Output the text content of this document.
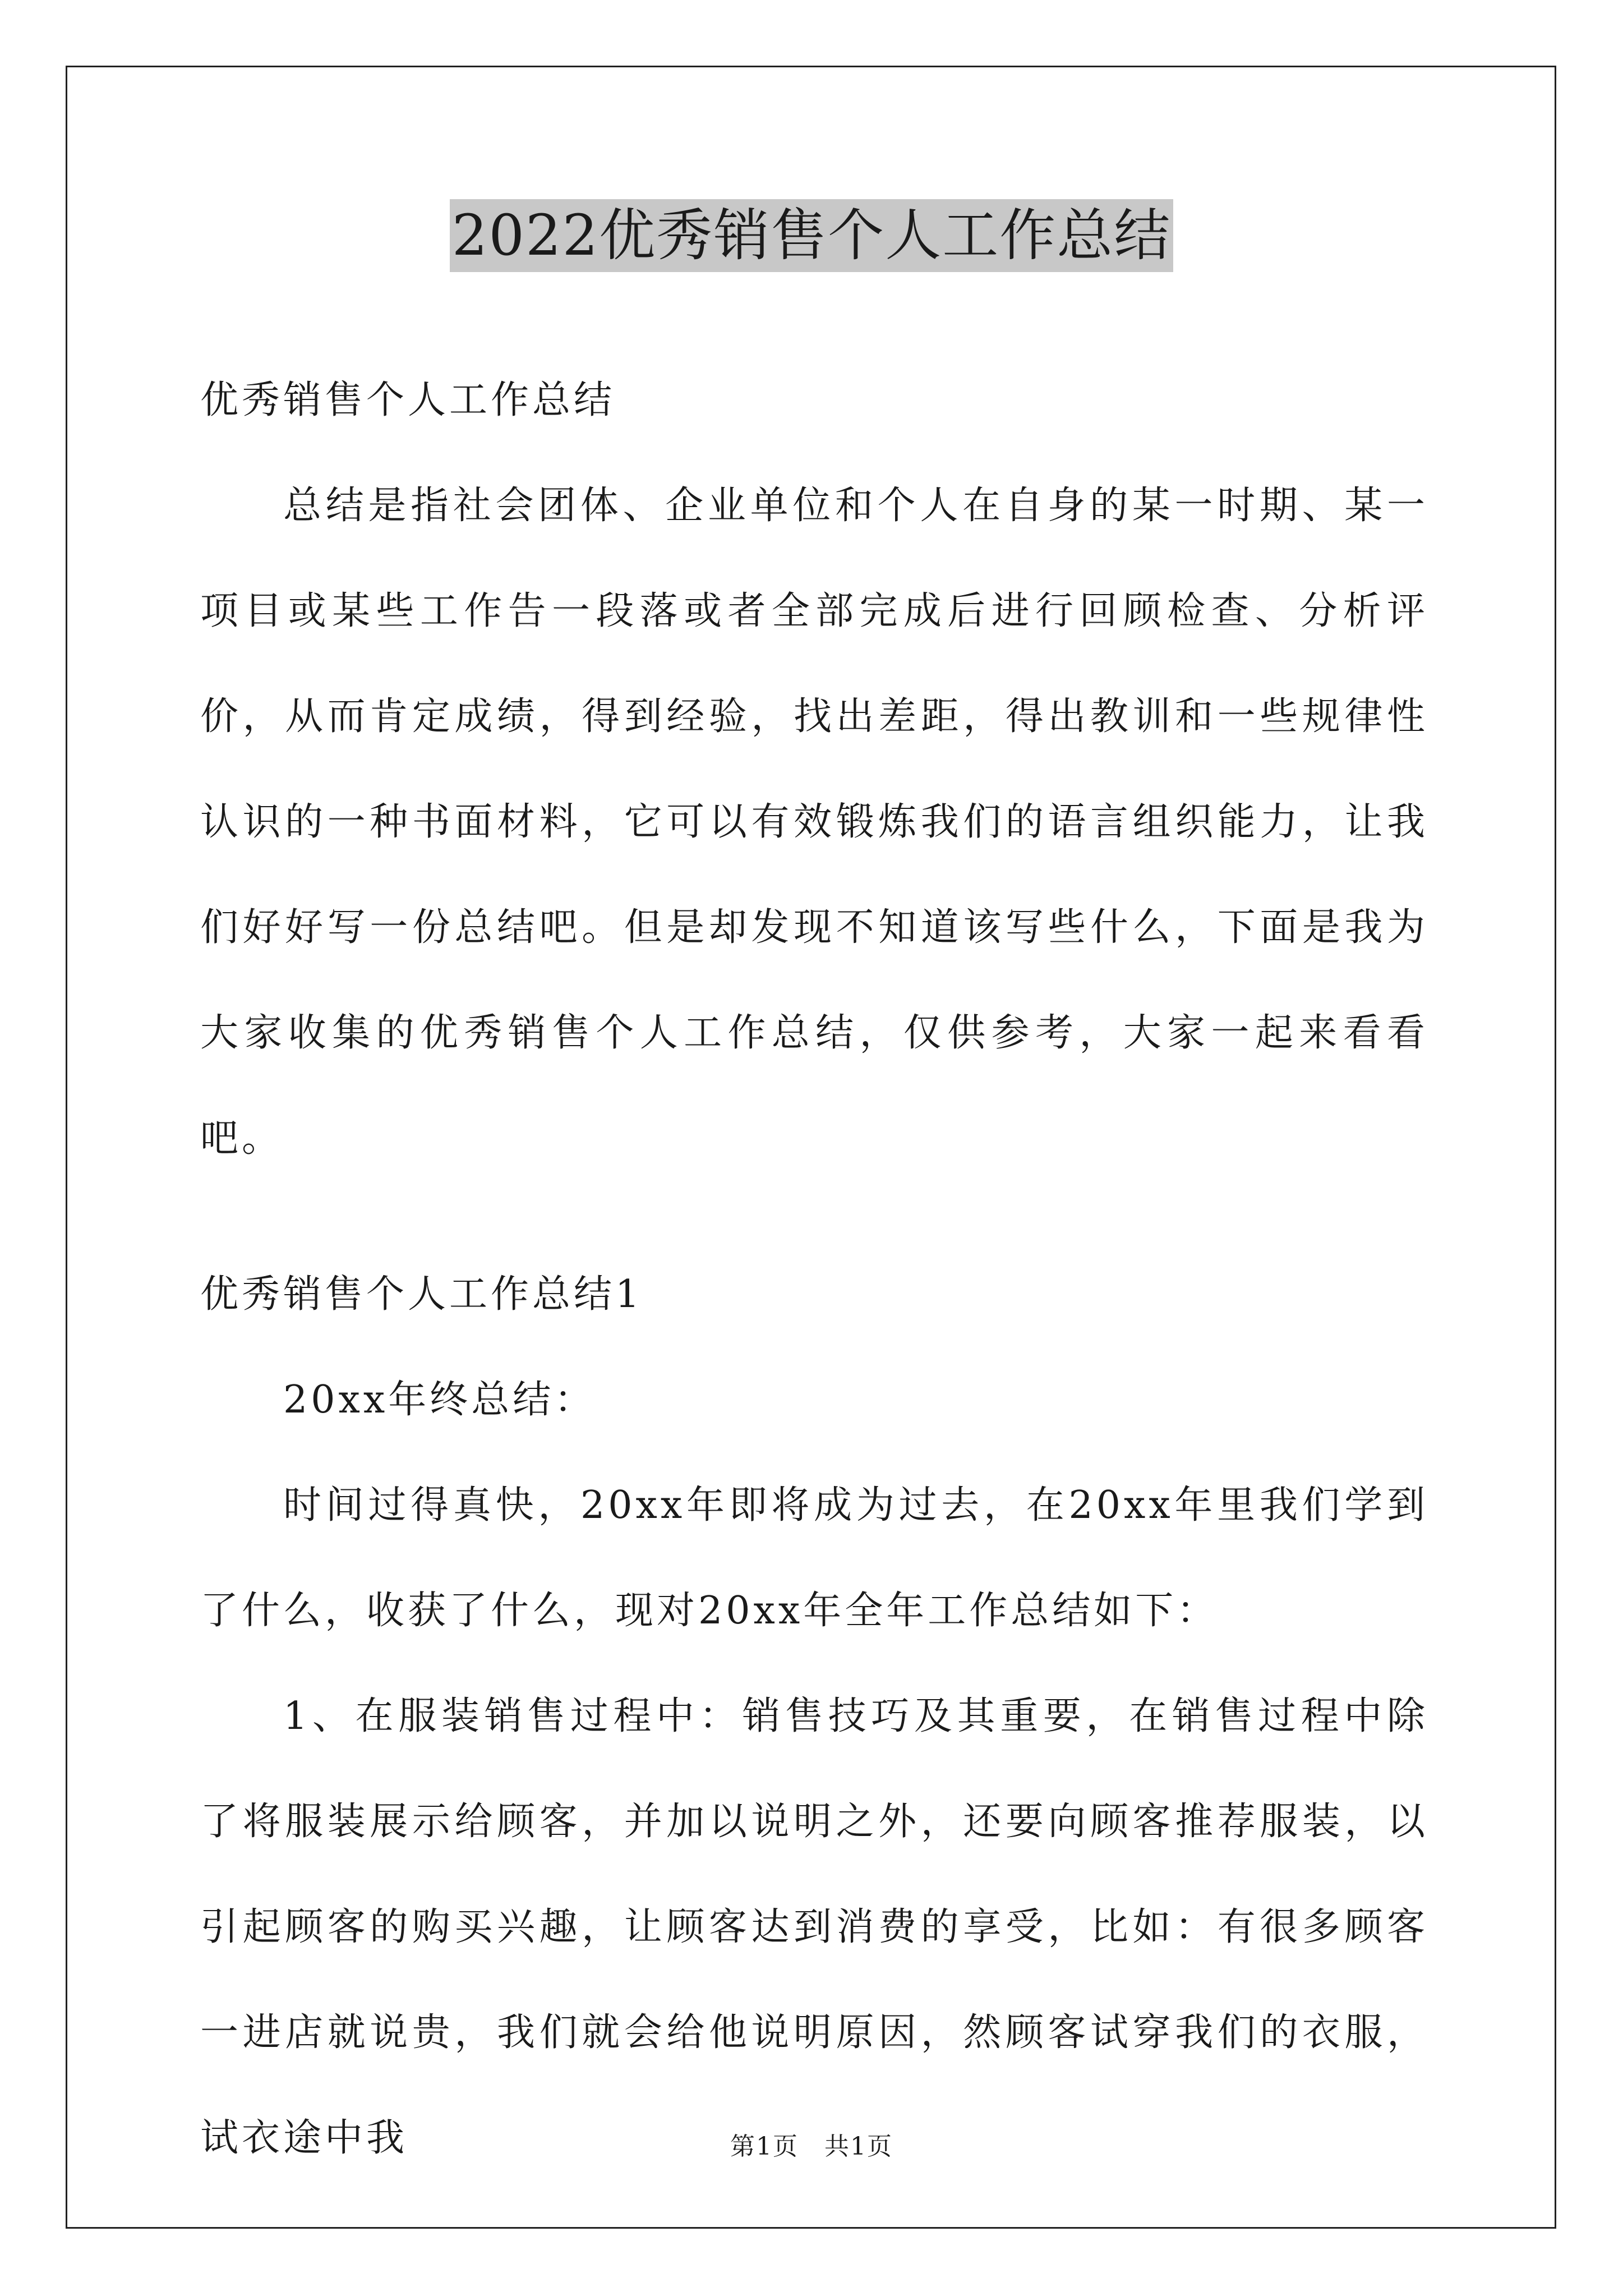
2022优秀销售个人工作总结

优秀销售个人工作总结

总结是指社会团体、企业单位和个人在自身的某一时期、某一项目或某些工作告一段落或者全部完成后进行回顾检查、分析评价，从而肯定成绩，得到经验，找出差距，得出教训和一些规律性认识的一种书面材料，它可以有效锻炼我们的语言组织能力，让我们好好写一份总结吧。但是却发现不知道该写些什么，下面是我为大家收集的优秀销售个人工作总结，仅供参考，大家一起来看看吧。

优秀销售个人工作总结1

20xx年终总结：

时间过得真快，20xx年即将成为过去，在20xx年里我们学到了什么，收获了什么，现对20xx年全年工作总结如下：

1、在服装销售过程中：销售技巧及其重要，在销售过程中除了将服装展示给顾客，并加以说明之外，还要向顾客推荐服装，以引起顾客的购买兴趣，让顾客达到消费的享受，比如：有很多顾客一进店就说贵，我们就会给他说明原因，然顾客试穿我们的衣服，试衣途中我	第1页　共1页
